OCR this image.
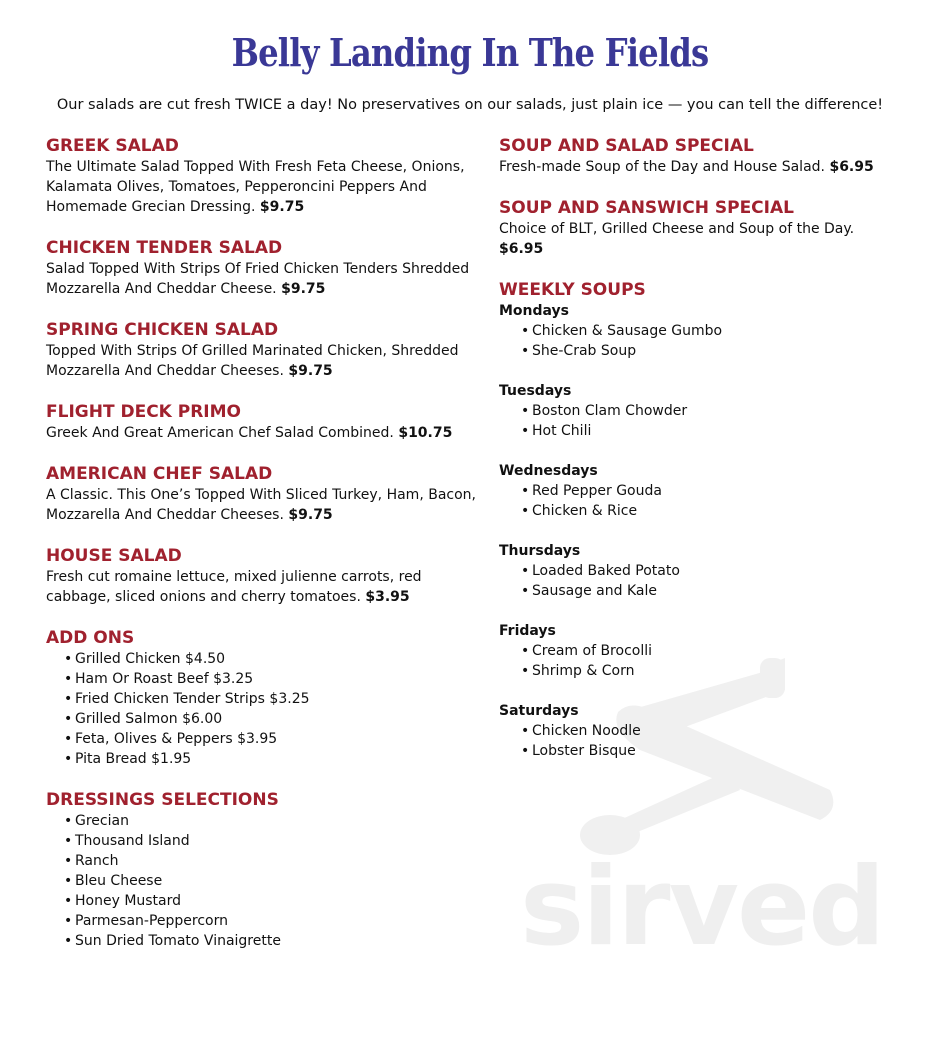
sirved
Belly Landing In The Fields
Our salads are cut fresh TWICE a day! No preservatives on our salads, just plain ice — you can tell the difference!
GREEK SALAD
The Ultimate Salad Topped With Fresh Feta Cheese, Onions, Kalamata Olives, Tomatoes, Pepperoncini Peppers And Homemade Grecian Dressing. $9.75
CHICKEN TENDER SALAD
Salad Topped With Strips Of Fried Chicken Tenders Shredded Mozzarella And Cheddar Cheese. $9.75
SPRING CHICKEN SALAD
Topped With Strips Of Grilled Marinated Chicken, Shredded Mozzarella And Cheddar Cheeses. $9.75
FLIGHT DECK PRIMO
Greek And Great American Chef Salad Combined. $10.75
AMERICAN CHEF SALAD
A Classic. This One’s Topped With Sliced Turkey, Ham, Bacon, Mozzarella And Cheddar Cheeses. $9.75
HOUSE SALAD
Fresh cut romaine lettuce, mixed julienne carrots, red cabbage, sliced onions and cherry tomatoes. $3.95
ADD ONS
• Grilled Chicken $4.50
• Ham Or Roast Beef $3.25
• Fried Chicken Tender Strips $3.25
• Grilled Salmon $6.00
• Feta, Olives & Peppers $3.95
• Pita Bread $1.95
DRESSINGS SELECTIONS
• Grecian
• Thousand Island
• Ranch
• Bleu Cheese
• Honey Mustard
• Parmesan-Peppercorn
• Sun Dried Tomato Vinaigrette
SOUP AND SALAD SPECIAL
Fresh-made Soup of the Day and House Salad. $6.95
SOUP AND SANSWICH SPECIAL
Choice of BLT, Grilled Cheese and Soup of the Day. $6.95
WEEKLY SOUPS
Mondays
• Chicken & Sausage Gumbo
• She-Crab Soup
Tuesdays
• Boston Clam Chowder
• Hot Chili
Wednesdays
• Red Pepper Gouda
• Chicken & Rice
Thursdays
• Loaded Baked Potato
• Sausage and Kale
Fridays
• Cream of Brocolli
• Shrimp & Corn
Saturdays
• Chicken Noodle
• Lobster Bisque
